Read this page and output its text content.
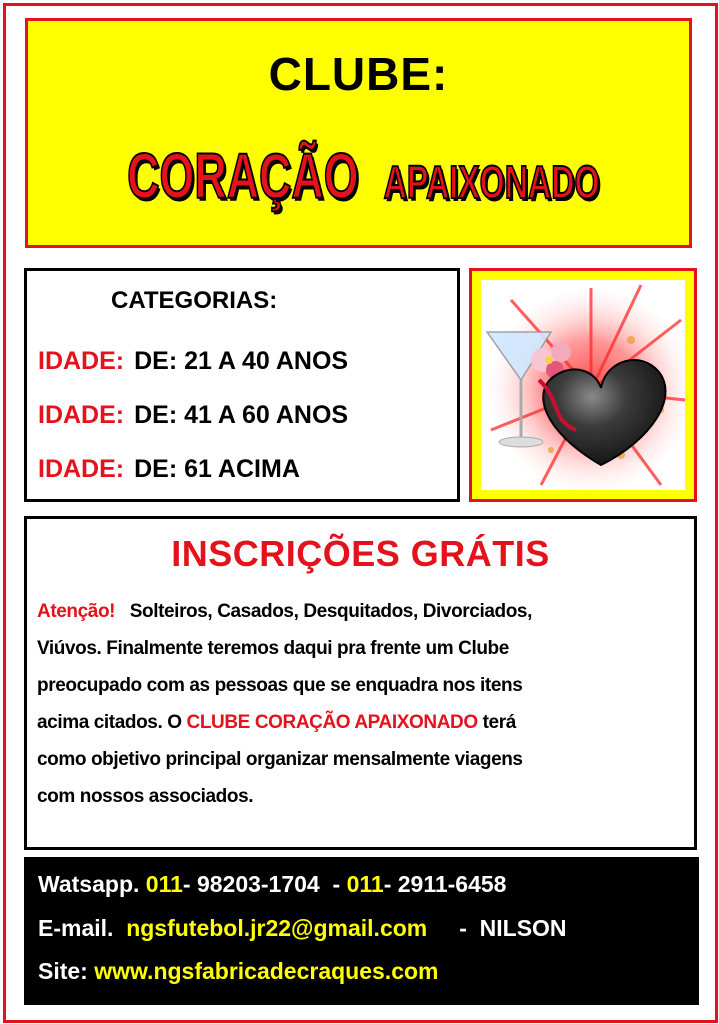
CLUBE:
CORAÇÃO APAIXONADO
CATEGORIAS:
IDADE: DE: 21 A 40 ANOS
IDADE: DE: 41 A 60 ANOS
IDADE: DE: 61 ACIMA
INSCRIÇÕES GRÁTIS
Atenção! Solteiros, Casados, Desquitados, Divorciados,
Viúvos. Finalmente teremos daqui pra frente um Clube
preocupado com as pessoas que se enquadra nos itens
acima citados. O CLUBE CORAÇÃO APAIXONADO terá
como objetivo principal organizar mensalmente viagens
com nossos associados.
Watsapp. 011- 98203-1704 - 011- 2911-6458
E-mail. ngsfutebol.jr22@gmail.com - NILSON
Site: www.ngsfabricadecraques.com
